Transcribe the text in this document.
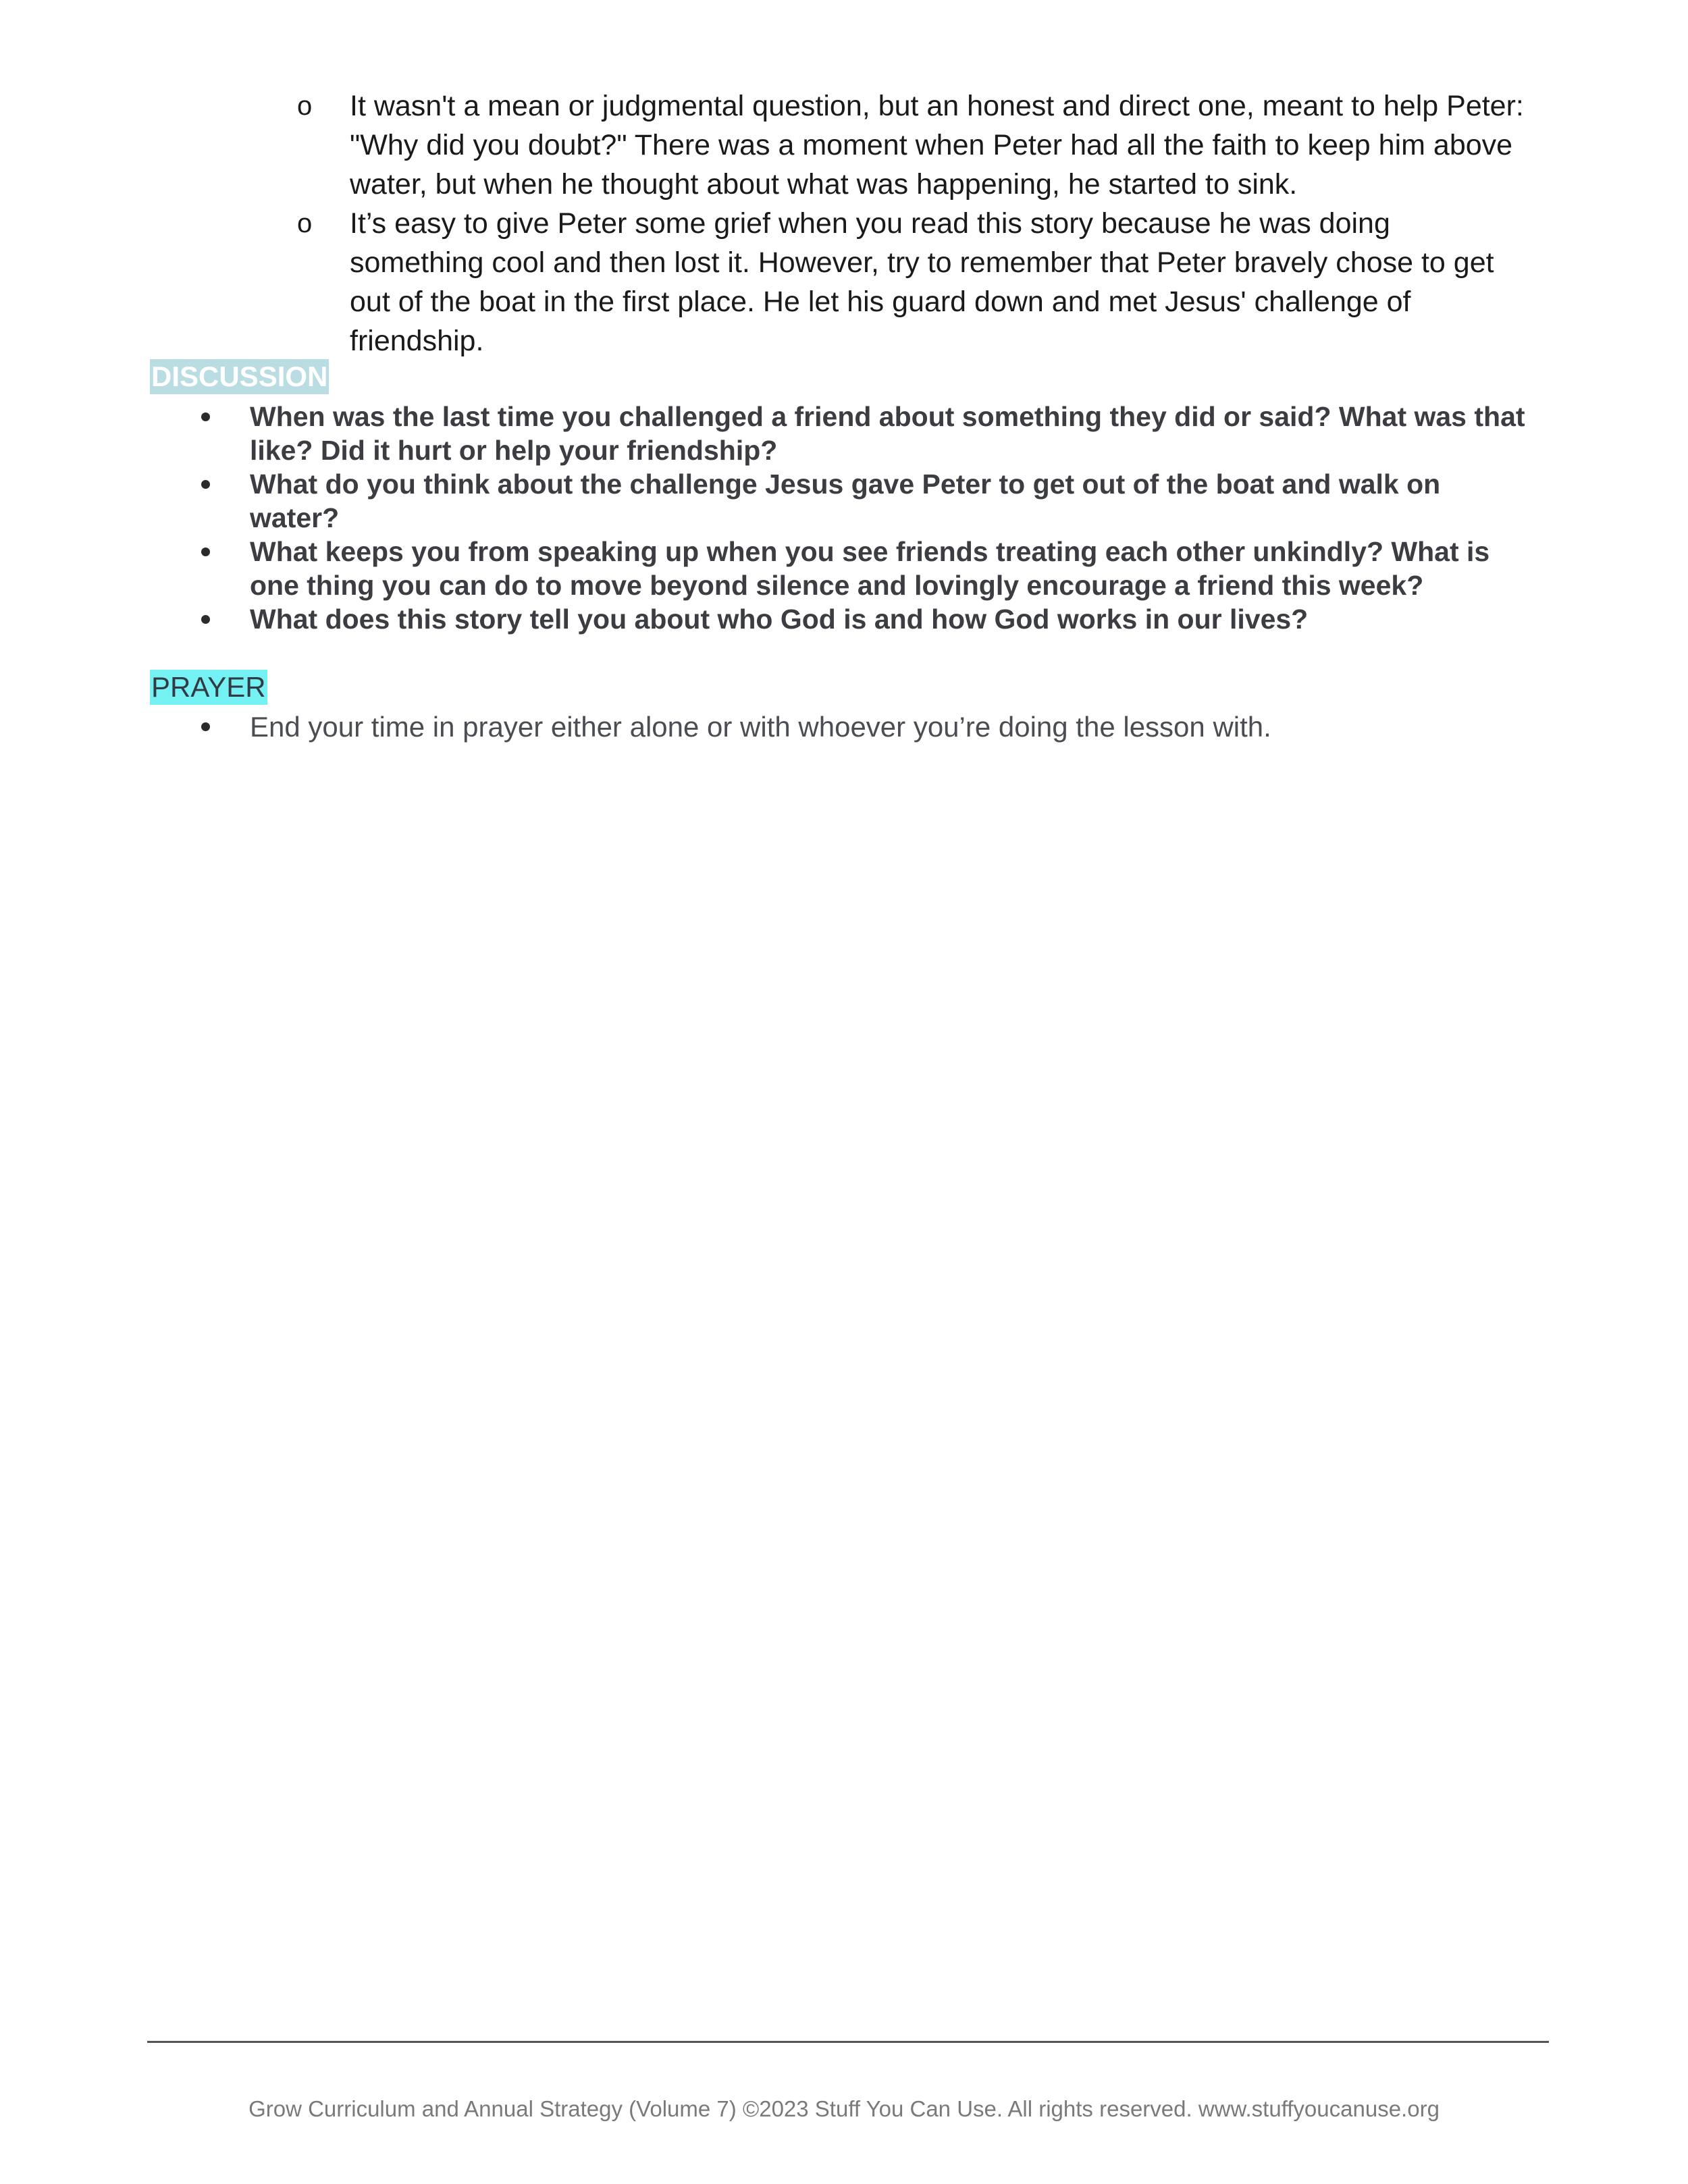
o It wasn't a mean or judgmental question, but an honest and direct one, meant to help Peter: "Why did you doubt?" There was a moment when Peter had all the faith to keep him above water, but when he thought about what was happening, he started to sink.
o It’s easy to give Peter some grief when you read this story because he was doing something cool and then lost it. However, try to remember that Peter bravely chose to get out of the boat in the first place. He let his guard down and met Jesus' challenge of friendship.
DISCUSSION
When was the last time you challenged a friend about something they did or said? What was that like? Did it hurt or help your friendship?
What do you think about the challenge Jesus gave Peter to get out of the boat and walk on water?
What keeps you from speaking up when you see friends treating each other unkindly? What is one thing you can do to move beyond silence and lovingly encourage a friend this week?
What does this story tell you about who God is and how God works in our lives?
PRAYER
End your time in prayer either alone or with whoever you’re doing the lesson with.
Grow Curriculum and Annual Strategy (Volume 7) ©2023 Stuff You Can Use. All rights reserved. www.stuffyoucanuse.org
